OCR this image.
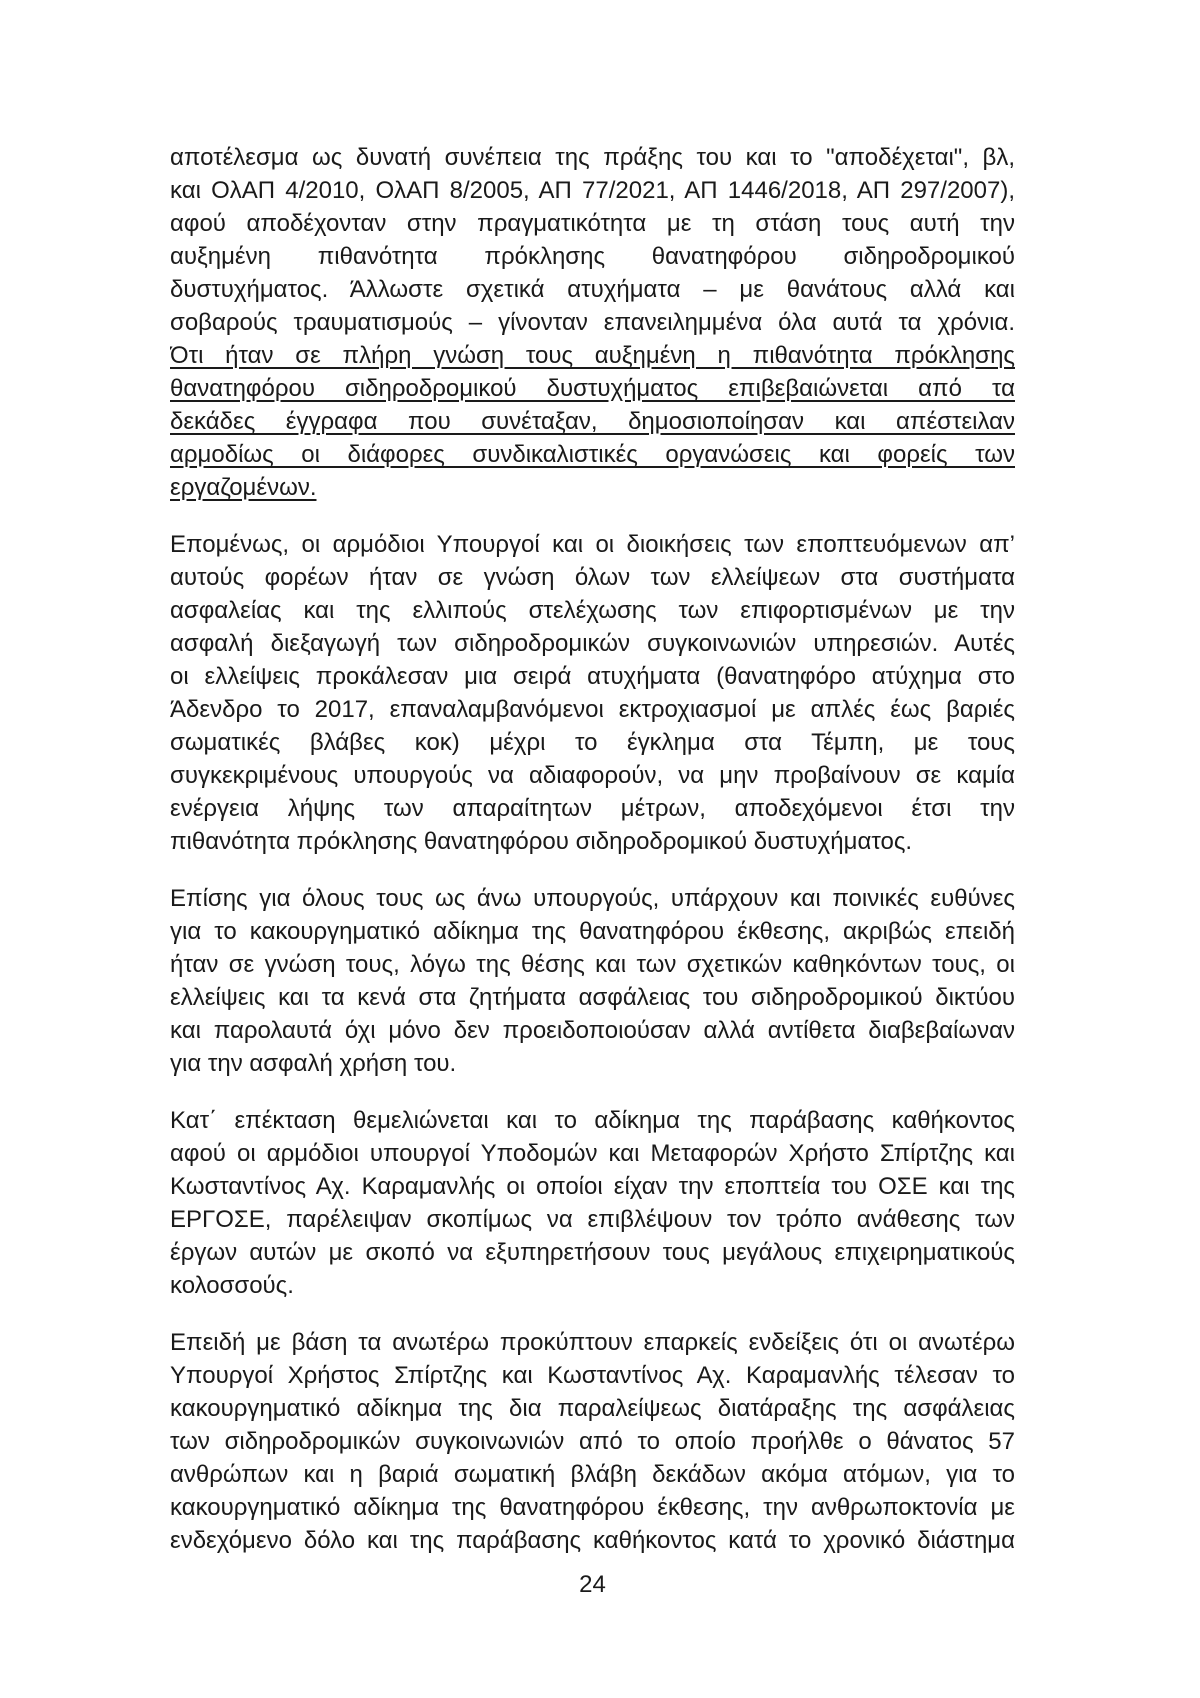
αποτέλεσμα ως δυνατή συνέπεια της πράξης του και το "αποδέχεται", βλ,
και ΟλΑΠ 4/2010, ΟλΑΠ 8/2005, ΑΠ 77/2021, ΑΠ 1446/2018, ΑΠ 297/2007),
αφού αποδέχονταν στην πραγματικότητα με τη στάση τους αυτή την
αυξημένη πιθανότητα πρόκλησης θανατηφόρου σιδηροδρομικού
δυστυχήματος. Άλλωστε σχετικά ατυχήματα – με θανάτους αλλά και
σοβαρούς τραυματισμούς – γίνονταν επανειλημμένα όλα αυτά τα χρόνια.
Ότι ήταν σε πλήρη γνώση τους αυξημένη η πιθανότητα πρόκλησης
θανατηφόρου σιδηροδρομικού δυστυχήματος επιβεβαιώνεται από τα
δεκάδες έγγραφα που συνέταξαν, δημοσιοποίησαν και απέστειλαν
αρμοδίως οι διάφορες συνδικαλιστικές οργανώσεις και φορείς των
εργαζομένων.
Επομένως, οι αρμόδιοι Υπουργοί και οι διοικήσεις των εποπτευόμενων απ’
αυτούς φορέων ήταν σε γνώση όλων των ελλείψεων στα συστήματα
ασφαλείας και της ελλιπούς στελέχωσης των επιφορτισμένων με την
ασφαλή διεξαγωγή των σιδηροδρομικών συγκοινωνιών υπηρεσιών. Αυτές
οι ελλείψεις προκάλεσαν μια σειρά ατυχήματα (θανατηφόρο ατύχημα στο
Άδενδρο το 2017, επαναλαμβανόμενοι εκτροχιασμοί με απλές έως βαριές
σωματικές βλάβες κοκ) μέχρι το έγκλημα στα Τέμπη, με τους
συγκεκριμένους υπουργούς να αδιαφορούν, να μην προβαίνουν σε καμία
ενέργεια λήψης των απαραίτητων μέτρων, αποδεχόμενοι έτσι την
πιθανότητα πρόκλησης θανατηφόρου σιδηροδρομικού δυστυχήματος.
Επίσης για όλους τους ως άνω υπουργούς, υπάρχουν και ποινικές ευθύνες
για το κακουργηματικό αδίκημα της θανατηφόρου έκθεσης, ακριβώς επειδή
ήταν σε γνώση τους, λόγω της θέσης και των σχετικών καθηκόντων τους, οι
ελλείψεις και τα κενά στα ζητήματα ασφάλειας του σιδηροδρομικού δικτύου
και παρολαυτά όχι μόνο δεν προειδοποιούσαν αλλά αντίθετα διαβεβαίωναν
για την ασφαλή χρήση του.
Κατ΄ επέκταση θεμελιώνεται και το αδίκημα της παράβασης καθήκοντος
αφού οι αρμόδιοι υπουργοί Υποδομών και Μεταφορών Χρήστο Σπίρτζης και
Κωσταντίνος Αχ. Καραμανλής οι οποίοι είχαν την εποπτεία του ΟΣΕ και της
ΕΡΓΟΣΕ, παρέλειψαν σκοπίμως να επιβλέψουν τον τρόπο ανάθεσης των
έργων αυτών με σκοπό να εξυπηρετήσουν τους μεγάλους επιχειρηματικούς
κολοσσούς.
Επειδή με βάση τα ανωτέρω προκύπτουν επαρκείς ενδείξεις ότι οι ανωτέρω
Υπουργοί Χρήστος Σπίρτζης και Κωσταντίνος Αχ. Καραμανλής τέλεσαν το
κακουργηματικό αδίκημα της δια παραλείψεως διατάραξης της ασφάλειας
των σιδηροδρομικών συγκοινωνιών από το οποίο προήλθε ο θάνατος 57
ανθρώπων και η βαριά σωματική βλάβη δεκάδων ακόμα ατόμων, για το
κακουργηματικό αδίκημα της θανατηφόρου έκθεσης, την ανθρωποκτονία με
ενδεχόμενο δόλο και της παράβασης καθήκοντος κατά το χρονικό διάστημα
24
